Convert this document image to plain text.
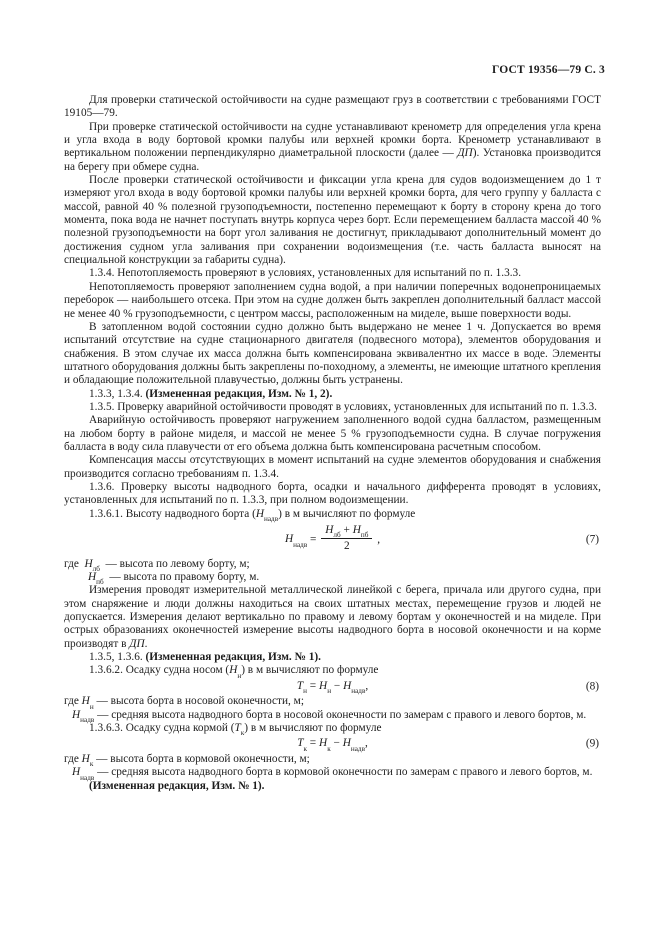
ГОСТ 19356—79 С. 3

Для проверки статической остойчивости на судне размещают груз в соответствии с требованиями ГОСТ 19105—79.

При проверке статической остойчивости на судне устанавливают кренометр для определения угла крена и угла входа в воду бортовой кромки палубы или верхней кромки борта. Кренометр устанавливают в вертикальном положении перпендикулярно диаметральной плоскости (далее — ДП). Установка производится на берегу при обмере судна.

После проверки статической остойчивости и фиксации угла крена для судов водоизмещением до 1 т измеряют угол входа в воду бортовой кромки палубы или верхней кромки борта, для чего группу у балласта с массой, равной 40 % полезной грузоподъемности, постепенно перемещают к борту в сторону крена до того момента, пока вода не начнет поступать внутрь корпуса через борт. Если перемещением балласта массой 40 % полезной грузоподъемности на борт угол заливания не достигнут, прикладывают дополнительный момент до достижения судном угла заливания при сохранении водоизмещения (т.е. часть балласта выносят на специальной конструкции за габариты судна).

1.3.4. Непотопляемость проверяют в условиях, установленных для испытаний по п. 1.3.3.

Непотопляемость проверяют заполнением судна водой, а при наличии поперечных водонепроницаемых переборок — наибольшего отсека. При этом на судне должен быть закреплен дополнительный балласт массой не менее 40 % грузоподъемности, с центром массы, расположенным на миделе, выше поверхности воды.

В затопленном водой состоянии судно должно быть выдержано не менее 1 ч. Допускается во время испытаний отсутствие на судне стационарного двигателя (подвесного мотора), элементов оборудования и снабжения. В этом случае их масса должна быть компенсирована эквивалентно их массе в воде. Элементы штатного оборудования должны быть закреплены по-походному, а элементы, не имеющие штатного крепления и обладающие положительной плавучестью, должны быть устранены.

1.3.3, 1.3.4. (Измененная редакция, Изм. № 1, 2).

1.3.5. Проверку аварийной остойчивости проводят в условиях, установленных для испытаний по п. 1.3.3.

Аварийную остойчивость проверяют нагружением заполненного водой судна балластом, размещенным на любом борту в районе миделя, и массой не менее 5 % грузоподъемности судна. В случае погружения балласта в воду сила плавучести от его объема должна быть компенсирована расчетным способом.

Компенсация массы отсутствующих в момент испытаний на судне элементов оборудования и снабжения производится согласно требованиям п. 1.3.4.

1.3.6. Проверку высоты надводного борта, осадки и начального дифферента проводят в условиях, установленных для испытаний по п. 1.3.3, при полном водоизмещении.

1.3.6.1. Высоту надводного борта $(Н_{надв})$ в м вычисляют по формуле

$Н_{надв} = \frac{Н_{лб} + Н_{пб}}{2}$ ,	(7)

где  $Н_{лб}$  — высота по левому борту, м;

$Н_{пб}$  — высота по правому борту, м.

Измерения проводят измерительной металлической линейкой с берега, причала или другого судна, при этом снаряжение и люди должны находиться на своих штатных местах, перемещение грузов и людей не допускается. Измерения делают вертикально по правому и левому бортам у оконечностей и на миделе. При острых образованиях оконечностей измерение высоты надводного борта в носовой оконечности и на корме производят в ДП.

1.3.5, 1.3.6. (Измененная редакция, Изм. № 1).

1.3.6.2. Осадку судна носом $(Н_н)$ в м вычисляют по формуле

$Т_н = Н_н - Н_{надв}$,	(8)

где $Н_н$ — высота борта в носовой оконечности, м;

$Н_{надв}$ — средняя высота надводного борта в носовой оконечности по замерам с правого и левого бортов, м.

1.3.6.3. Осадку судна кормой $(Т_к)$ в м вычисляют по формуле

$Т_к = Н_к - Н_{надв}$,	(9)

где $Н_к$ — высота борта в кормовой оконечности, м;

$Н_{надв}$ — средняя высота надводного борта в кормовой оконечности по замерам с правого и левого бортов, м.

(Измененная редакция, Изм. № 1).
